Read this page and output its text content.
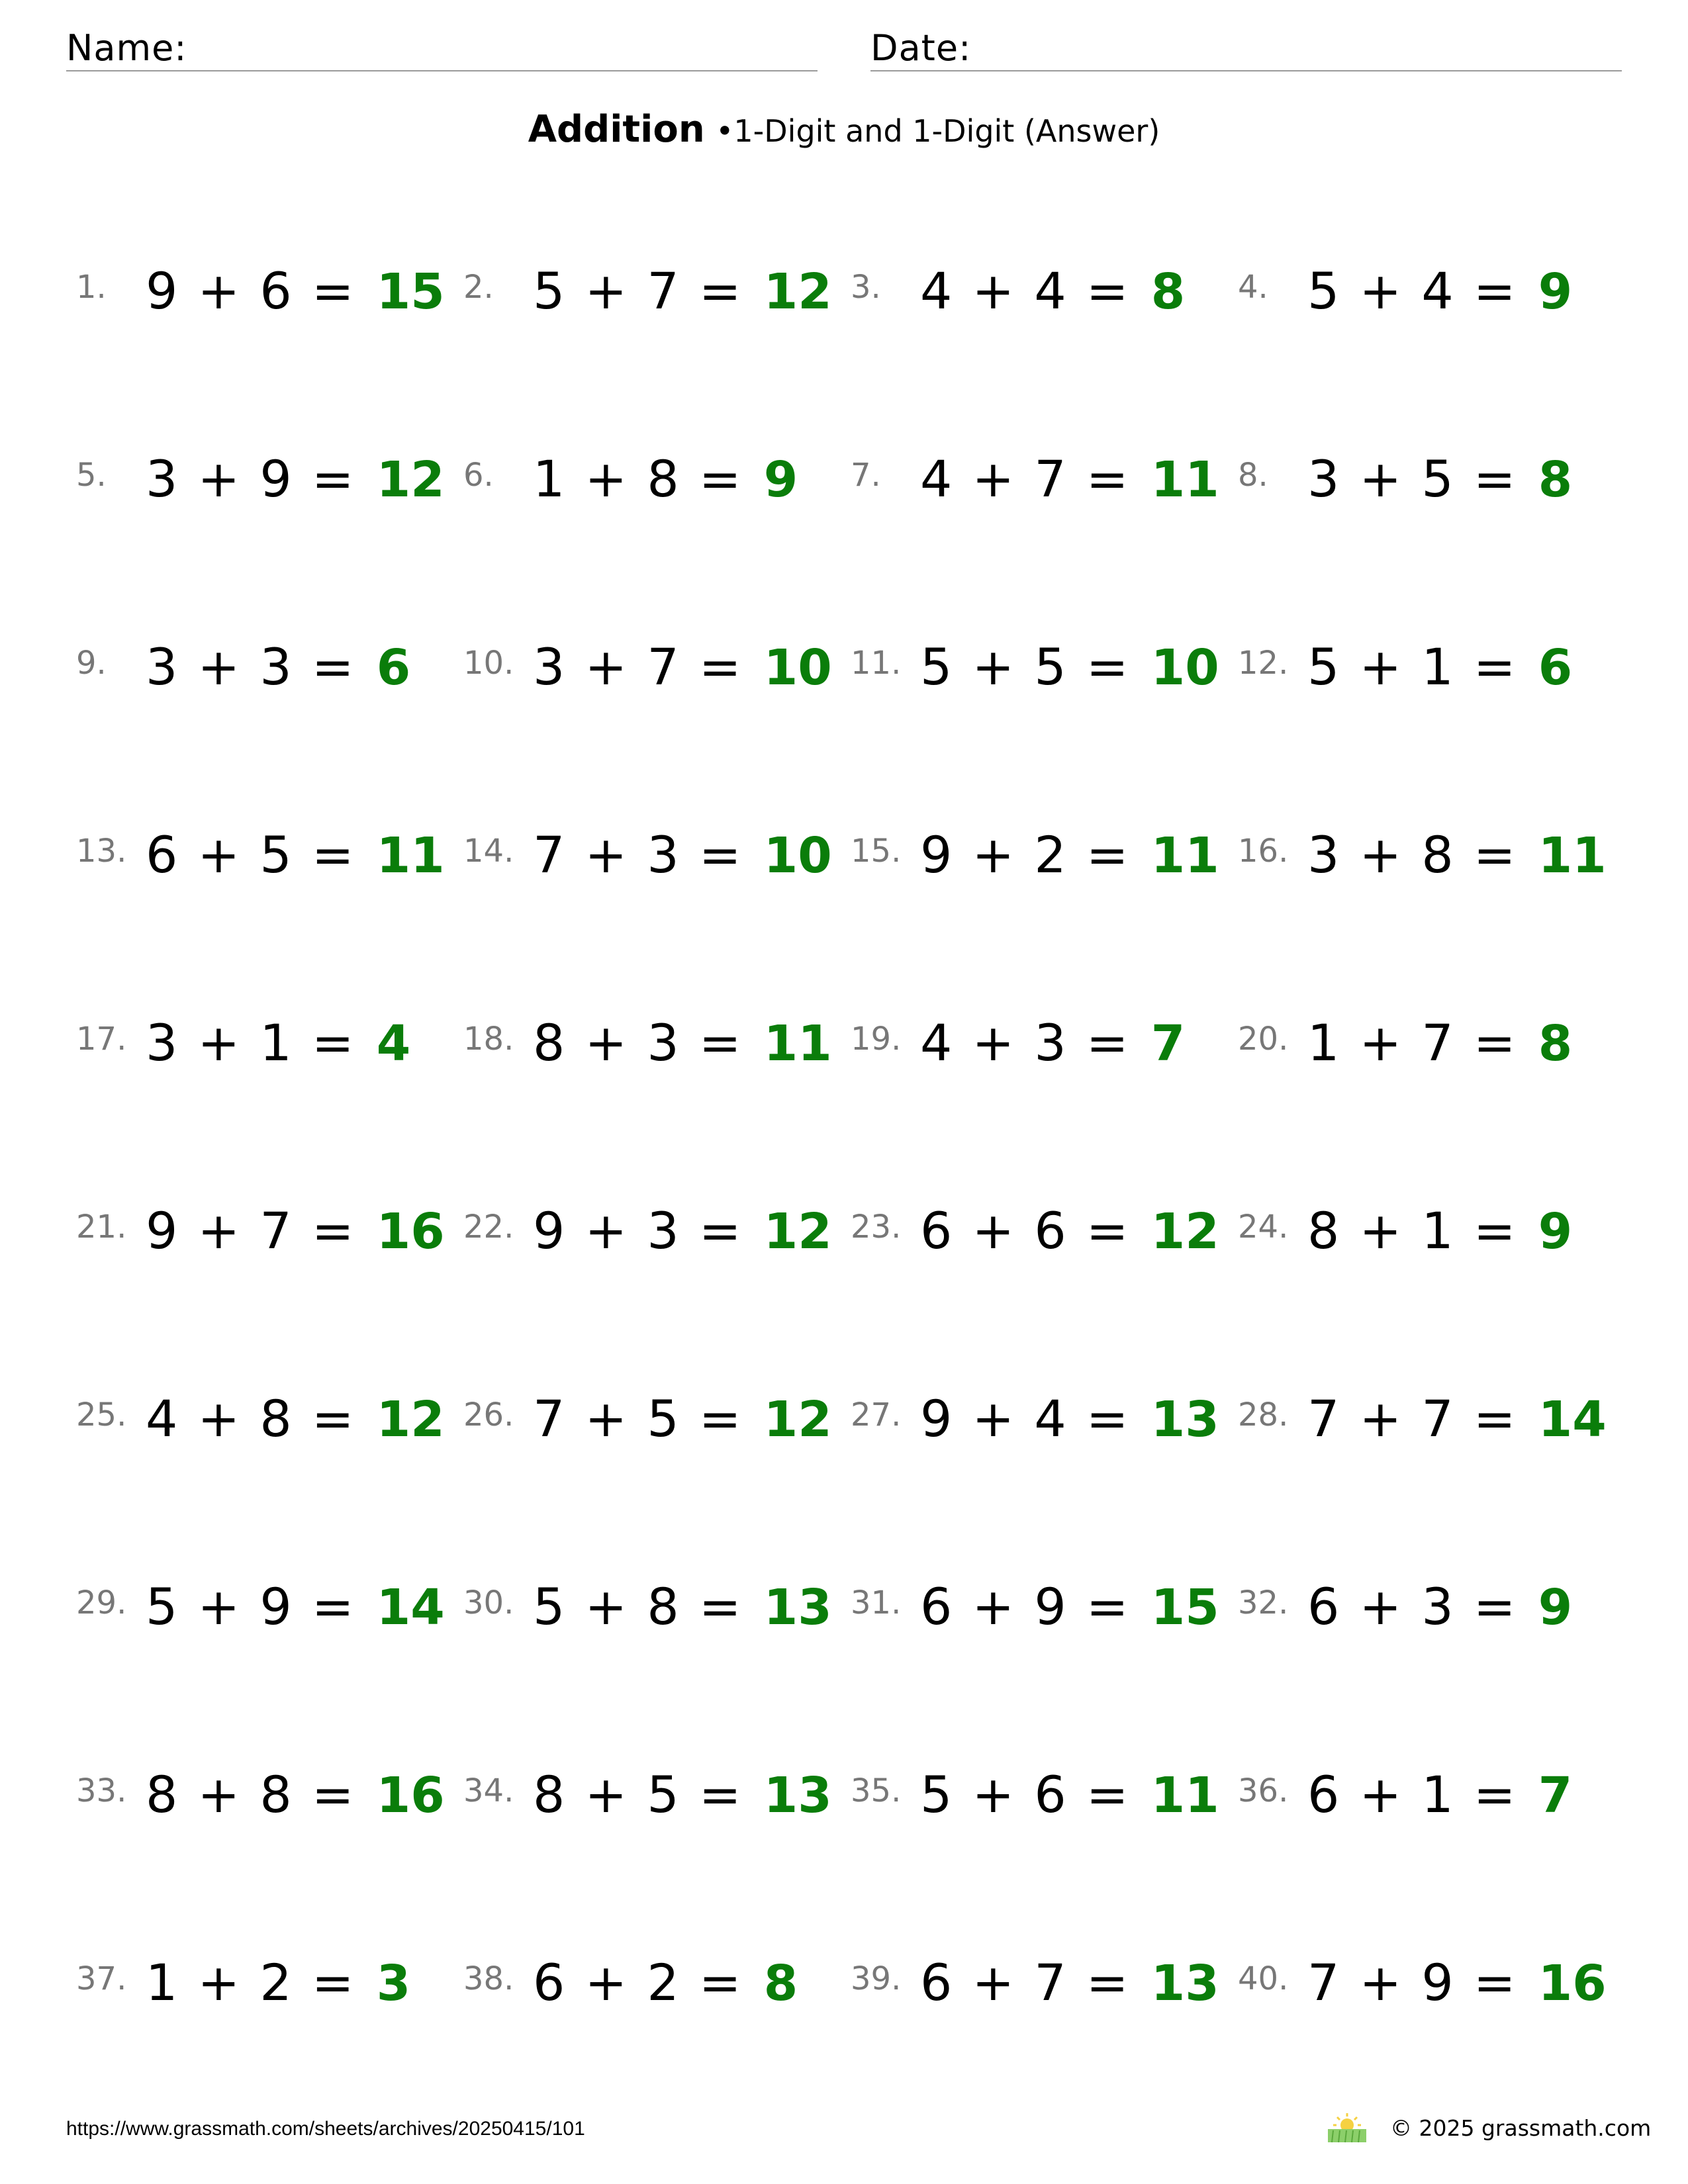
Name:	Date:
Addition •1-Digit and 1-Digit (Answer)
1. 9 + 6 = 15 2. 5 + 7 = 12 3. 4 + 4 = 8 4. 5 + 4 = 9
5. 3 + 9 = 12 6. 1 + 8 = 9 7. 4 + 7 = 11 8. 3 + 5 = 8
9. 3 + 3 = 6 10. 3 + 7 = 10 11. 5 + 5 = 10 12. 5 + 1 = 6
13. 6 + 5 = 11 14. 7 + 3 = 10 15. 9 + 2 = 11 16. 3 + 8 = 11
17. 3 + 1 = 4 18. 8 + 3 = 11 19. 4 + 3 = 7 20. 1 + 7 = 8
21. 9 + 7 = 16 22. 9 + 3 = 12 23. 6 + 6 = 12 24. 8 + 1 = 9
25. 4 + 8 = 12 26. 7 + 5 = 12 27. 9 + 4 = 13 28. 7 + 7 = 14
29. 5 + 9 = 14 30. 5 + 8 = 13 31. 6 + 9 = 15 32. 6 + 3 = 9
33. 8 + 8 = 16 34. 8 + 5 = 13 35. 5 + 6 = 11 36. 6 + 1 = 7
37. 1 + 2 = 3 38. 6 + 2 = 8 39. 6 + 7 = 13 40. 7 + 9 = 16
https://www.grassmath.com/sheets/archives/20250415/101	© 2025 grassmath.com
